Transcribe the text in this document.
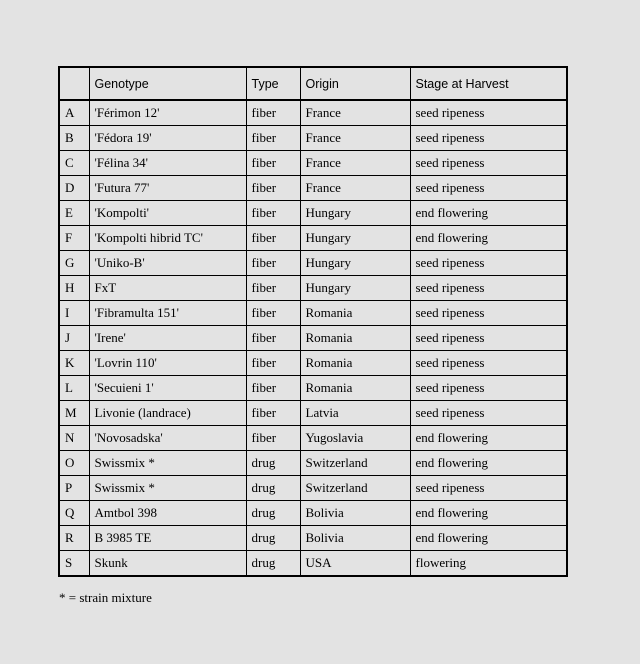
	Genotype	Type	Origin	Stage at Harvest
A	'Férimon 12'	fiber	France	seed ripeness
B	'Fédora 19'	fiber	France	seed ripeness
C	'Félina 34'	fiber	France	seed ripeness
D	'Futura 77'	fiber	France	seed ripeness
E	'Kompolti'	fiber	Hungary	end flowering
F	'Kompolti hibrid TC'	fiber	Hungary	end flowering
G	'Uniko-B'	fiber	Hungary	seed ripeness
H	FxT	fiber	Hungary	seed ripeness
I	'Fibramulta 151'	fiber	Romania	seed ripeness
J	'Irene'	fiber	Romania	seed ripeness
K	'Lovrin 110'	fiber	Romania	seed ripeness
L	'Secuieni 1'	fiber	Romania	seed ripeness
M	Livonie (landrace)	fiber	Latvia	seed ripeness
N	'Novosadska'	fiber	Yugoslavia	end flowering
O	Swissmix *	drug	Switzerland	end flowering
P	Swissmix *	drug	Switzerland	seed ripeness
Q	Amtbol 398	drug	Bolivia	end flowering
R	B 3985 TE	drug	Bolivia	end flowering
S	Skunk	drug	USA	flowering
* = strain mixture
